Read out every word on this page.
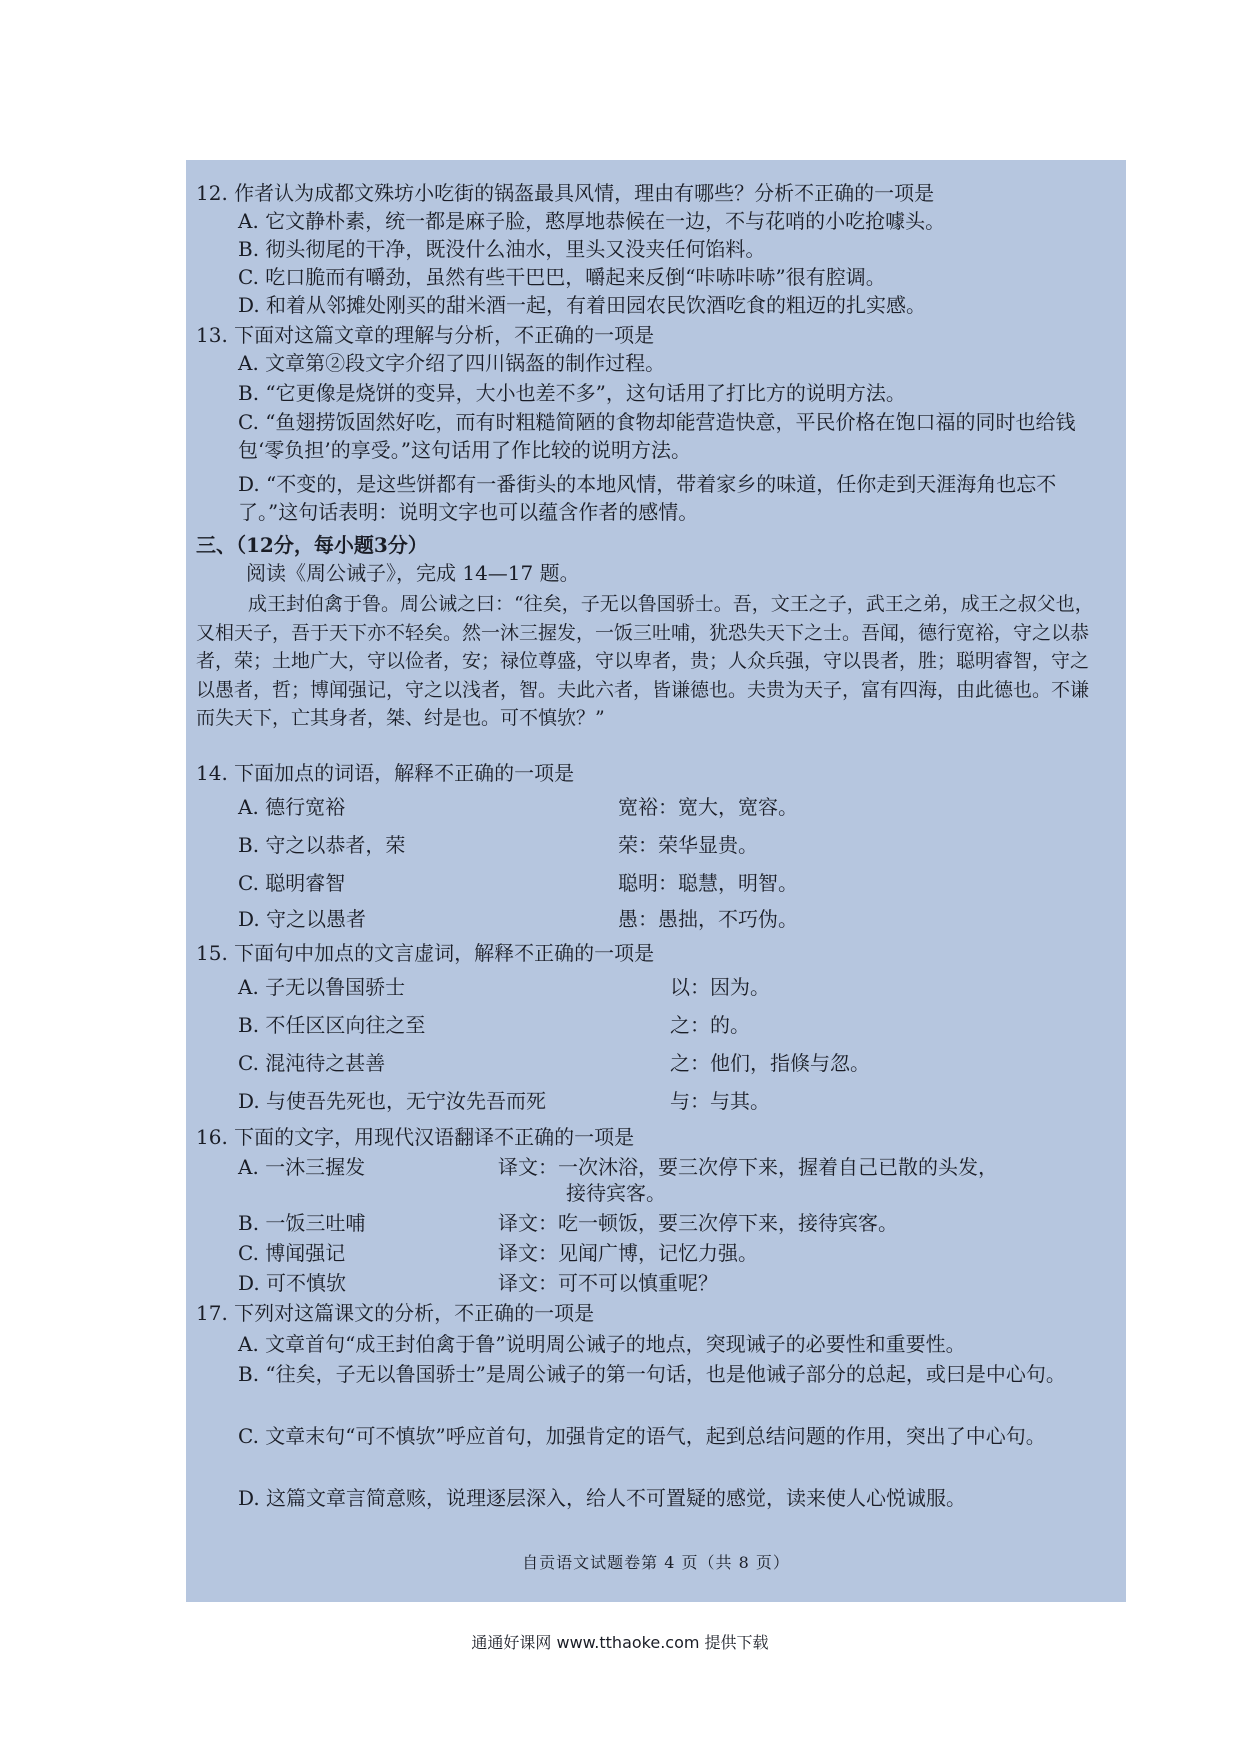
12. 作者认为成都文殊坊小吃街的锅盔最具风情，理由有哪些？分析不正确的一项是
A. 它文静朴素，统一都是麻子脸，憨厚地恭候在一边，不与花哨的小吃抢噱头。
B. 彻头彻尾的干净，既没什么油水，里头又没夹任何馅料。
C. 吃口脆而有嚼劲，虽然有些干巴巴，嚼起来反倒“咔哧咔哧”很有腔调。
D. 和着从邻摊处刚买的甜米酒一起，有着田园农民饮酒吃食的粗迈的扎实感。
13. 下面对这篇文章的理解与分析，不正确的一项是
A. 文章第②段文字介绍了四川锅盔的制作过程。
B. “它更像是烧饼的变异，大小也差不多”，这句话用了打比方的说明方法。
C. “鱼翅捞饭固然好吃，而有时粗糙简陋的食物却能营造快意，平民价格在饱口福的同时也给钱包‘零负担’的享受。”这句话用了作比较的说明方法。
D. “不变的，是这些饼都有一番街头的本地风情，带着家乡的味道，任你走到天涯海角也忘不了。”这句话表明：说明文字也可以蕴含作者的感情。
三、（12分，每小题3分）
阅读《周公诫子》，完成 14—17 题。
成王封伯禽于鲁。周公诫之曰：“往矣，子无以鲁国骄士。吾，文王之子，武王之弟，成王之叔父也，又相天子，吾于天下亦不轻矣。然一沐三握发，一饭三吐哺，犹恐失天下之士。吾闻，德行宽裕，守之以恭者，荣；土地广大，守以俭者，安；禄位尊盛，守以卑者，贵；人众兵强，守以畏者，胜；聪明睿智，守之以愚者，哲；博闻强记，守之以浅者，智。夫此六者，皆谦德也。夫贵为天子，富有四海，由此德也。不谦而失天下，亡其身者，桀、纣是也。可不慎欤？”
14. 下面加点的词语，解释不正确的一项是
A. 德行宽裕	宽裕：宽大，宽容。
B. 守之以恭者，荣	荣：荣华显贵。
C. 聪明睿智	聪明：聪慧，明智。
D. 守之以愚者	愚：愚拙，不巧伪。
15. 下面句中加点的文言虚词，解释不正确的一项是
A. 子无以鲁国骄士	以：因为。
B. 不任区区向往之至	之：的。
C. 混沌待之甚善	之：他们，指倏与忽。
D. 与使吾先死也，无宁汝先吾而死	与：与其。
16. 下面的文字，用现代汉语翻译不正确的一项是
A. 一沐三握发	译文：一次沐浴，要三次停下来，握着自己已散的头发，
接待宾客。
B. 一饭三吐哺	译文：吃一顿饭，要三次停下来，接待宾客。
C. 博闻强记	译文：见闻广博，记忆力强。
D. 可不慎欤	译文：可不可以慎重呢？
17. 下列对这篇课文的分析，不正确的一项是
A. 文章首句“成王封伯禽于鲁”说明周公诫子的地点，突现诫子的必要性和重要性。
B. “往矣，子无以鲁国骄士”是周公诫子的第一句话，也是他诫子部分的总起，或曰是中心句。
C. 文章末句“可不慎欤”呼应首句，加强肯定的语气，起到总结问题的作用，突出了中心句。
D. 这篇文章言简意赅，说理逐层深入，给人不可置疑的感觉，读来使人心悦诚服。
自贡语文试题卷第 4 页（共 8 页）
通通好课网 www.tthaoke.com 提供下载
